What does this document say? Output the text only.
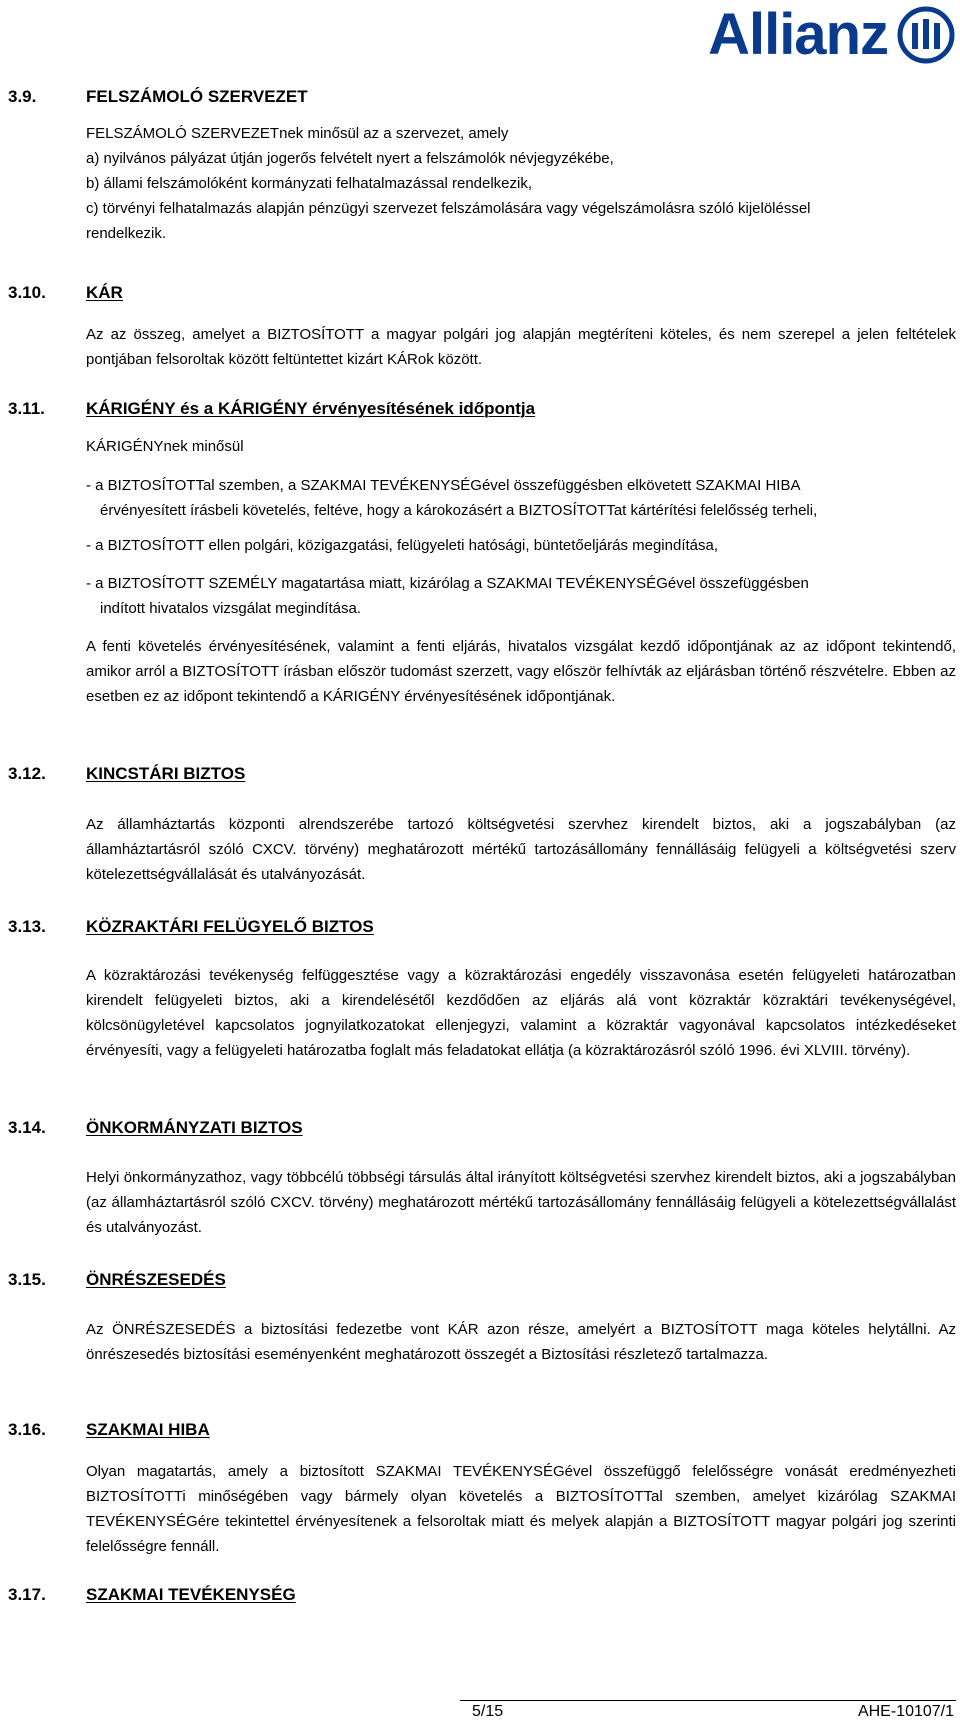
Allianz
3.9.	FELSZÁMOLÓ SZERVEZET
FELSZÁMOLÓ SZERVEZETnek minősül az a szervezet, amely
a) nyilvános pályázat útján jogerős felvételt nyert a felszámolók névjegyzékébe,
b) állami felszámolóként kormányzati felhatalmazással rendelkezik,
c) törvényi felhatalmazás alapján pénzügyi szervezet felszámolására vagy végelszámolásra szóló kijelöléssel
rendelkezik.
3.10.	KÁR

Az az összeg, amelyet a BIZTOSÍTOTT a magyar polgári jog alapján megtéríteni köteles, és nem szerepel a jelen feltételek pontjában felsoroltak között feltüntettet kizárt KÁRok között.

3.11.	KÁRIGÉNY és a KÁRIGÉNY érvényesítésének időpontja

KÁRIGÉNYnek minősül

- a BIZTOSÍTOTTal szemben, a SZAKMAI TEVÉKENYSÉGével összefüggésben elkövetett SZAKMAI HIBA
érvényesített írásbeli követelés, feltéve, hogy a károkozásért a BIZTOSÍTOTTat kártérítési felelősség terheli,
- a BIZTOSÍTOTT ellen polgári, közigazgatási, felügyeleti hatósági, büntetőeljárás megindítása,
- a BIZTOSÍTOTT SZEMÉLY magatartása miatt, kizárólag a SZAKMAI TEVÉKENYSÉGével összefüggésben
indított hivatalos vizsgálat megindítása.

A fenti követelés érvényesítésének, valamint a fenti eljárás, hivatalos vizsgálat kezdő időpontjának az az időpont tekintendő, amikor arról a BIZTOSÍTOTT írásban először tudomást szerzett, vagy először felhívták az eljárásban történő részvételre. Ebben az esetben ez az időpont tekintendő a KÁRIGÉNY érvényesítésének időpontjának.

3.12.	KINCSTÁRI BIZTOS

Az államháztartás központi alrendszerébe tartozó költségvetési szervhez kirendelt biztos, aki a jogszabályban (az államháztartásról szóló CXCV. törvény) meghatározott mértékű tartozásállomány fennállásáig felügyeli a költségvetési szerv kötelezettségvállalását és utalványozását.

3.13.	KÖZRAKTÁRI FELÜGYELŐ BIZTOS

A közraktározási tevékenység felfüggesztése vagy a közraktározási engedély visszavonása esetén felügyeleti határozatban kirendelt felügyeleti biztos, aki a kirendelésétől kezdődően az eljárás alá vont közraktár közraktári tevékenységével, kölcsönügyletével kapcsolatos jognyilatkozatokat ellenjegyzi, valamint a közraktár vagyonával kapcsolatos intézkedéseket érvényesíti, vagy a felügyeleti határozatba foglalt más feladatokat ellátja (a közraktározásról szóló 1996. évi XLVIII. törvény).

3.14.	ÖNKORMÁNYZATI BIZTOS

Helyi önkormányzathoz, vagy többcélú többségi társulás által irányított költségvetési szervhez kirendelt biztos, aki a jogszabályban (az államháztartásról szóló CXCV. törvény) meghatározott mértékű tartozásállomány fennállásáig felügyeli a kötelezettségvállalást és utalványozást.

3.15.	ÖNRÉSZESEDÉS

Az ÖNRÉSZESEDÉS a biztosítási fedezetbe vont KÁR azon része, amelyért a BIZTOSÍTOTT maga köteles helytállni. Az önrészesedés biztosítási eseményenként meghatározott összegét a Biztosítási részletező tartalmazza.

3.16.	SZAKMAI HIBA

Olyan magatartás, amely a biztosított SZAKMAI TEVÉKENYSÉGével összefüggő felelősségre vonását eredményezheti BIZTOSÍTOTTi minőségében vagy bármely olyan követelés a BIZTOSÍTOTTal szemben, amelyet kizárólag SZAKMAI TEVÉKENYSÉGére tekintettel érvényesítenek a felsoroltak miatt és melyek alapján a BIZTOSÍTOTT magyar polgári jog szerinti felelősségre fennáll.

3.17.	SZAKMAI TEVÉKENYSÉG
5/15	AHE-10107/1
